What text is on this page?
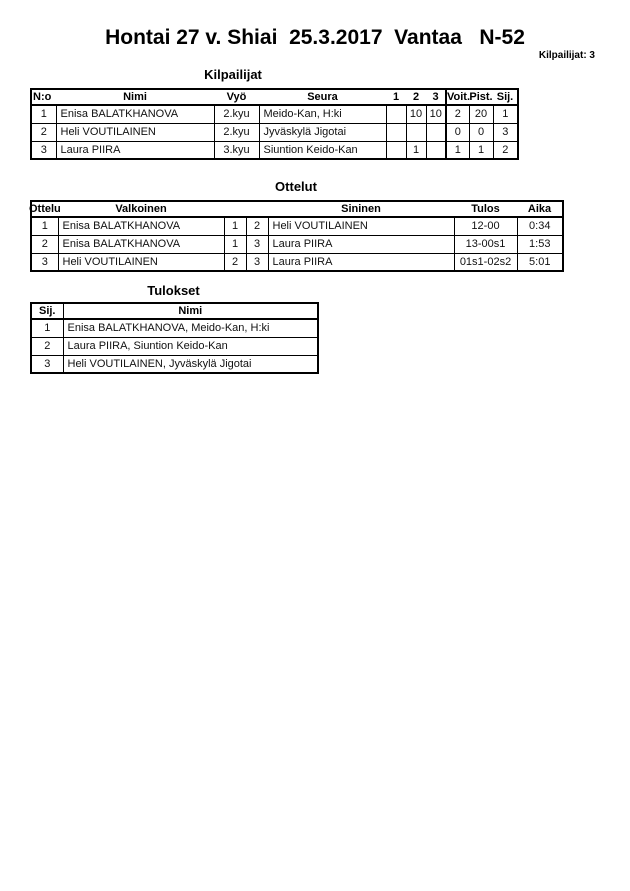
Hontai 27 v. Shiai  25.3.2017  Vantaa   N-52
Kilpailijat: 3
Kilpailijat
N:o	Nimi	Vyö	Seura	1	2	3	Voit.	Pist.	Sij.
1	Enisa BALATKHANOVA	2.kyu	Meido-Kan, H:ki		10	10	2	20	1
2	Heli VOUTILAINEN	2.kyu	Jyväskylä Jigotai				0	0	3
3	Laura PIIRA	3.kyu	Siuntion Keido-Kan		1		1	1	2
Ottelut
Ottelu	Valkoinen			Sininen	Tulos	Aika
1	Enisa BALATKHANOVA	1	2	Heli VOUTILAINEN	12-00	0:34
2	Enisa BALATKHANOVA	1	3	Laura PIIRA	13-00s1	1:53
3	Heli VOUTILAINEN	2	3	Laura PIIRA	01s1-02s2	5:01
Tulokset
Sij.	Nimi
1	Enisa BALATKHANOVA, Meido-Kan, H:ki
2	Laura PIIRA, Siuntion Keido-Kan
3	Heli VOUTILAINEN, Jyväskylä Jigotai
